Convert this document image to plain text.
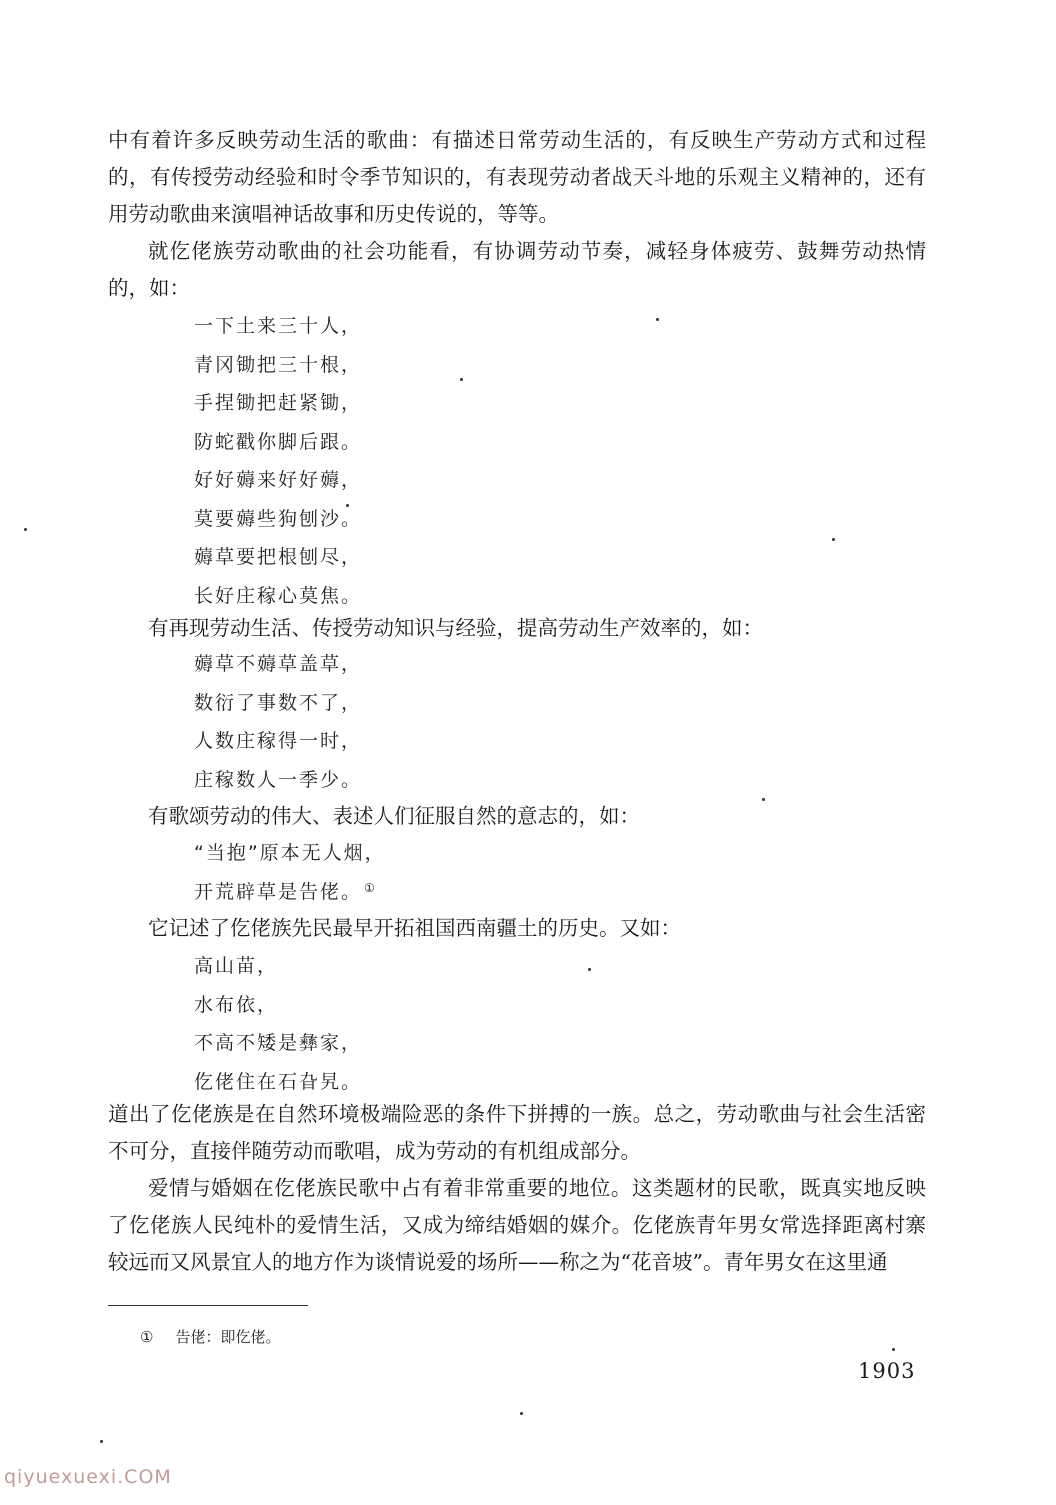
中有着许多反映劳动生活的歌曲：有描述日常劳动生活的，有反映生产劳动方式和过程的，有传授劳动经验和时令季节知识的，有表现劳动者战天斗地的乐观主义精神的，还有用劳动歌曲来演唱神话故事和历史传说的，等等。

就仡佬族劳动歌曲的社会功能看，有协调劳动节奏，减轻身体疲劳、鼓舞劳动热情的，如：

一下土来三十人，
青冈锄把三十根，
手捏锄把赶紧锄，
防蛇戳你脚后跟。
好好薅来好好薅，
莫要薅些狗刨沙。
薅草要把根刨尽，
长好庄稼心莫焦。

有再现劳动生活、传授劳动知识与经验，提高劳动生产效率的，如：

薅草不薅草盖草，
数衍了事数不了，
人数庄稼得一时，
庄稼数人一季少。

有歌颂劳动的伟大、表述人们征服自然的意志的，如：

“当抱”原本无人烟，
开荒辟草是告佬。 ①

它记述了仡佬族先民最早开拓祖国西南疆土的历史。又如：

高山苗，
水布依，
不高不矮是彝家，
仡佬住在石旮旯。

道出了仡佬族是在自然环境极端险恶的条件下拼搏的一族。总之，劳动歌曲与社会生活密不可分，直接伴随劳动而歌唱，成为劳动的有机组成部分。

爱情与婚姻在仡佬族民歌中占有着非常重要的地位。这类题材的民歌，既真实地反映了仡佬族人民纯朴的爱情生活，又成为缔结婚姻的媒介。仡佬族青年男女常选择距离村寨较远而又风景宜人的地方作为谈情说爱的场所——称之为“花音坡”。青年男女在这里通

① 告佬：即仡佬。
1903
qiyuexuexi.COM
